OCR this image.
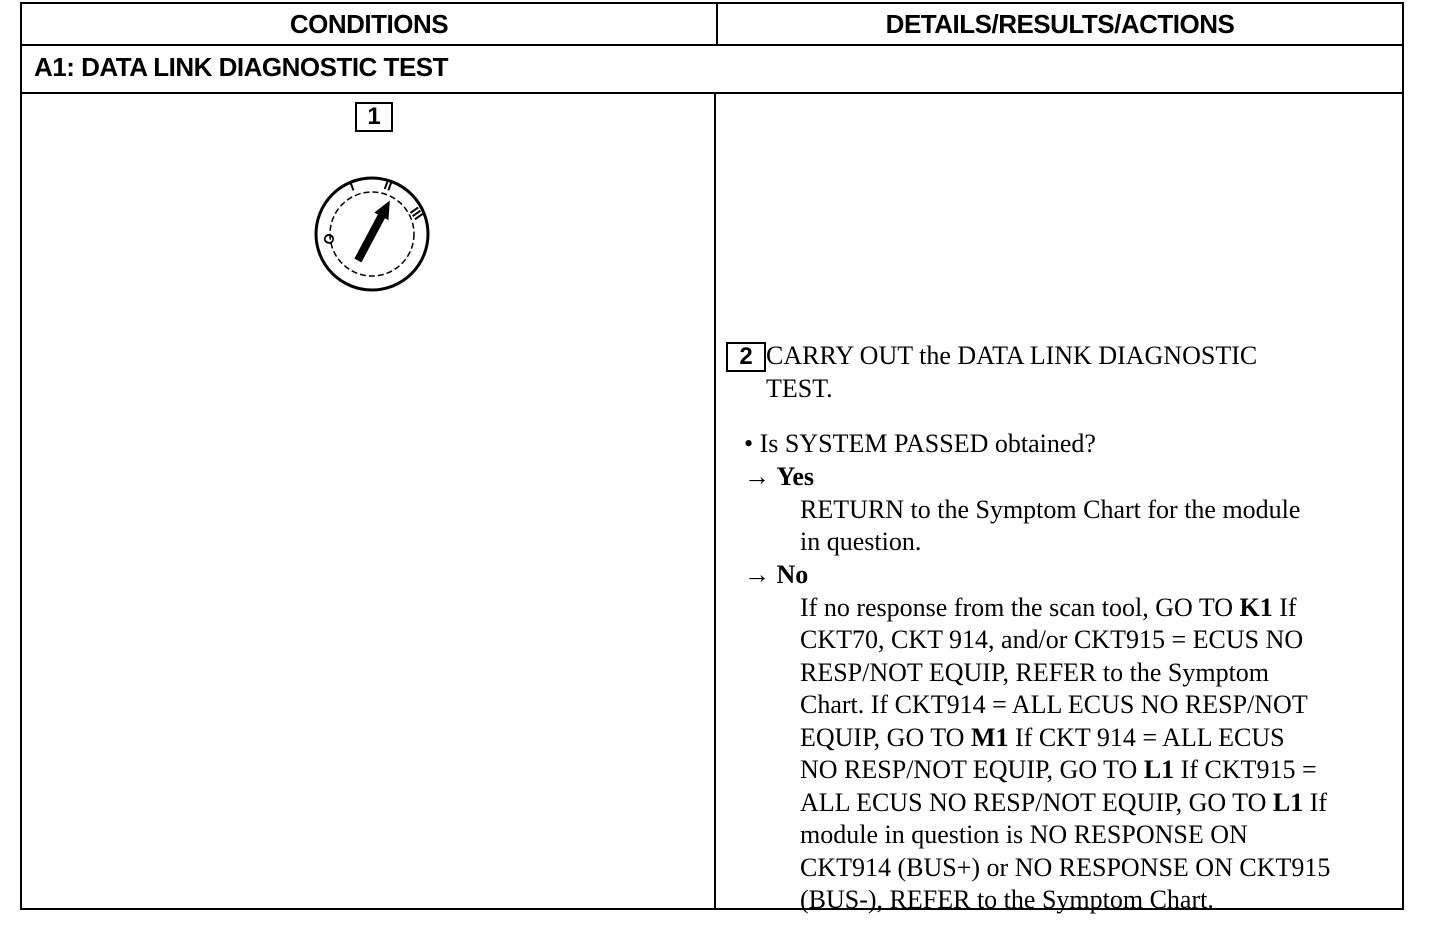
CONDITIONS	DETAILS/RESULTS/ACTIONS
A1: DATA LINK DIAGNOSTIC TEST
1
O
I II
III
2 CARRY OUT the DATA LINK DIAGNOSTIC
TEST.
• Is SYSTEM PASSED obtained?
→ Yes
RETURN to the Symptom Chart for the module
in question.
→ No
If no response from the scan tool, GO TO K1 If
CKT70, CKT 914, and/or CKT915 = ECUS NO
RESP/NOT EQUIP, REFER to the Symptom
Chart. If CKT914 = ALL ECUS NO RESP/NOT
EQUIP, GO TO M1 If CKT 914 = ALL ECUS
NO RESP/NOT EQUIP, GO TO L1 If CKT915 =
ALL ECUS NO RESP/NOT EQUIP, GO TO L1 If
module in question is NO RESPONSE ON
CKT914 (BUS+) or NO RESPONSE ON CKT915
(BUS-), REFER to the Symptom Chart.
